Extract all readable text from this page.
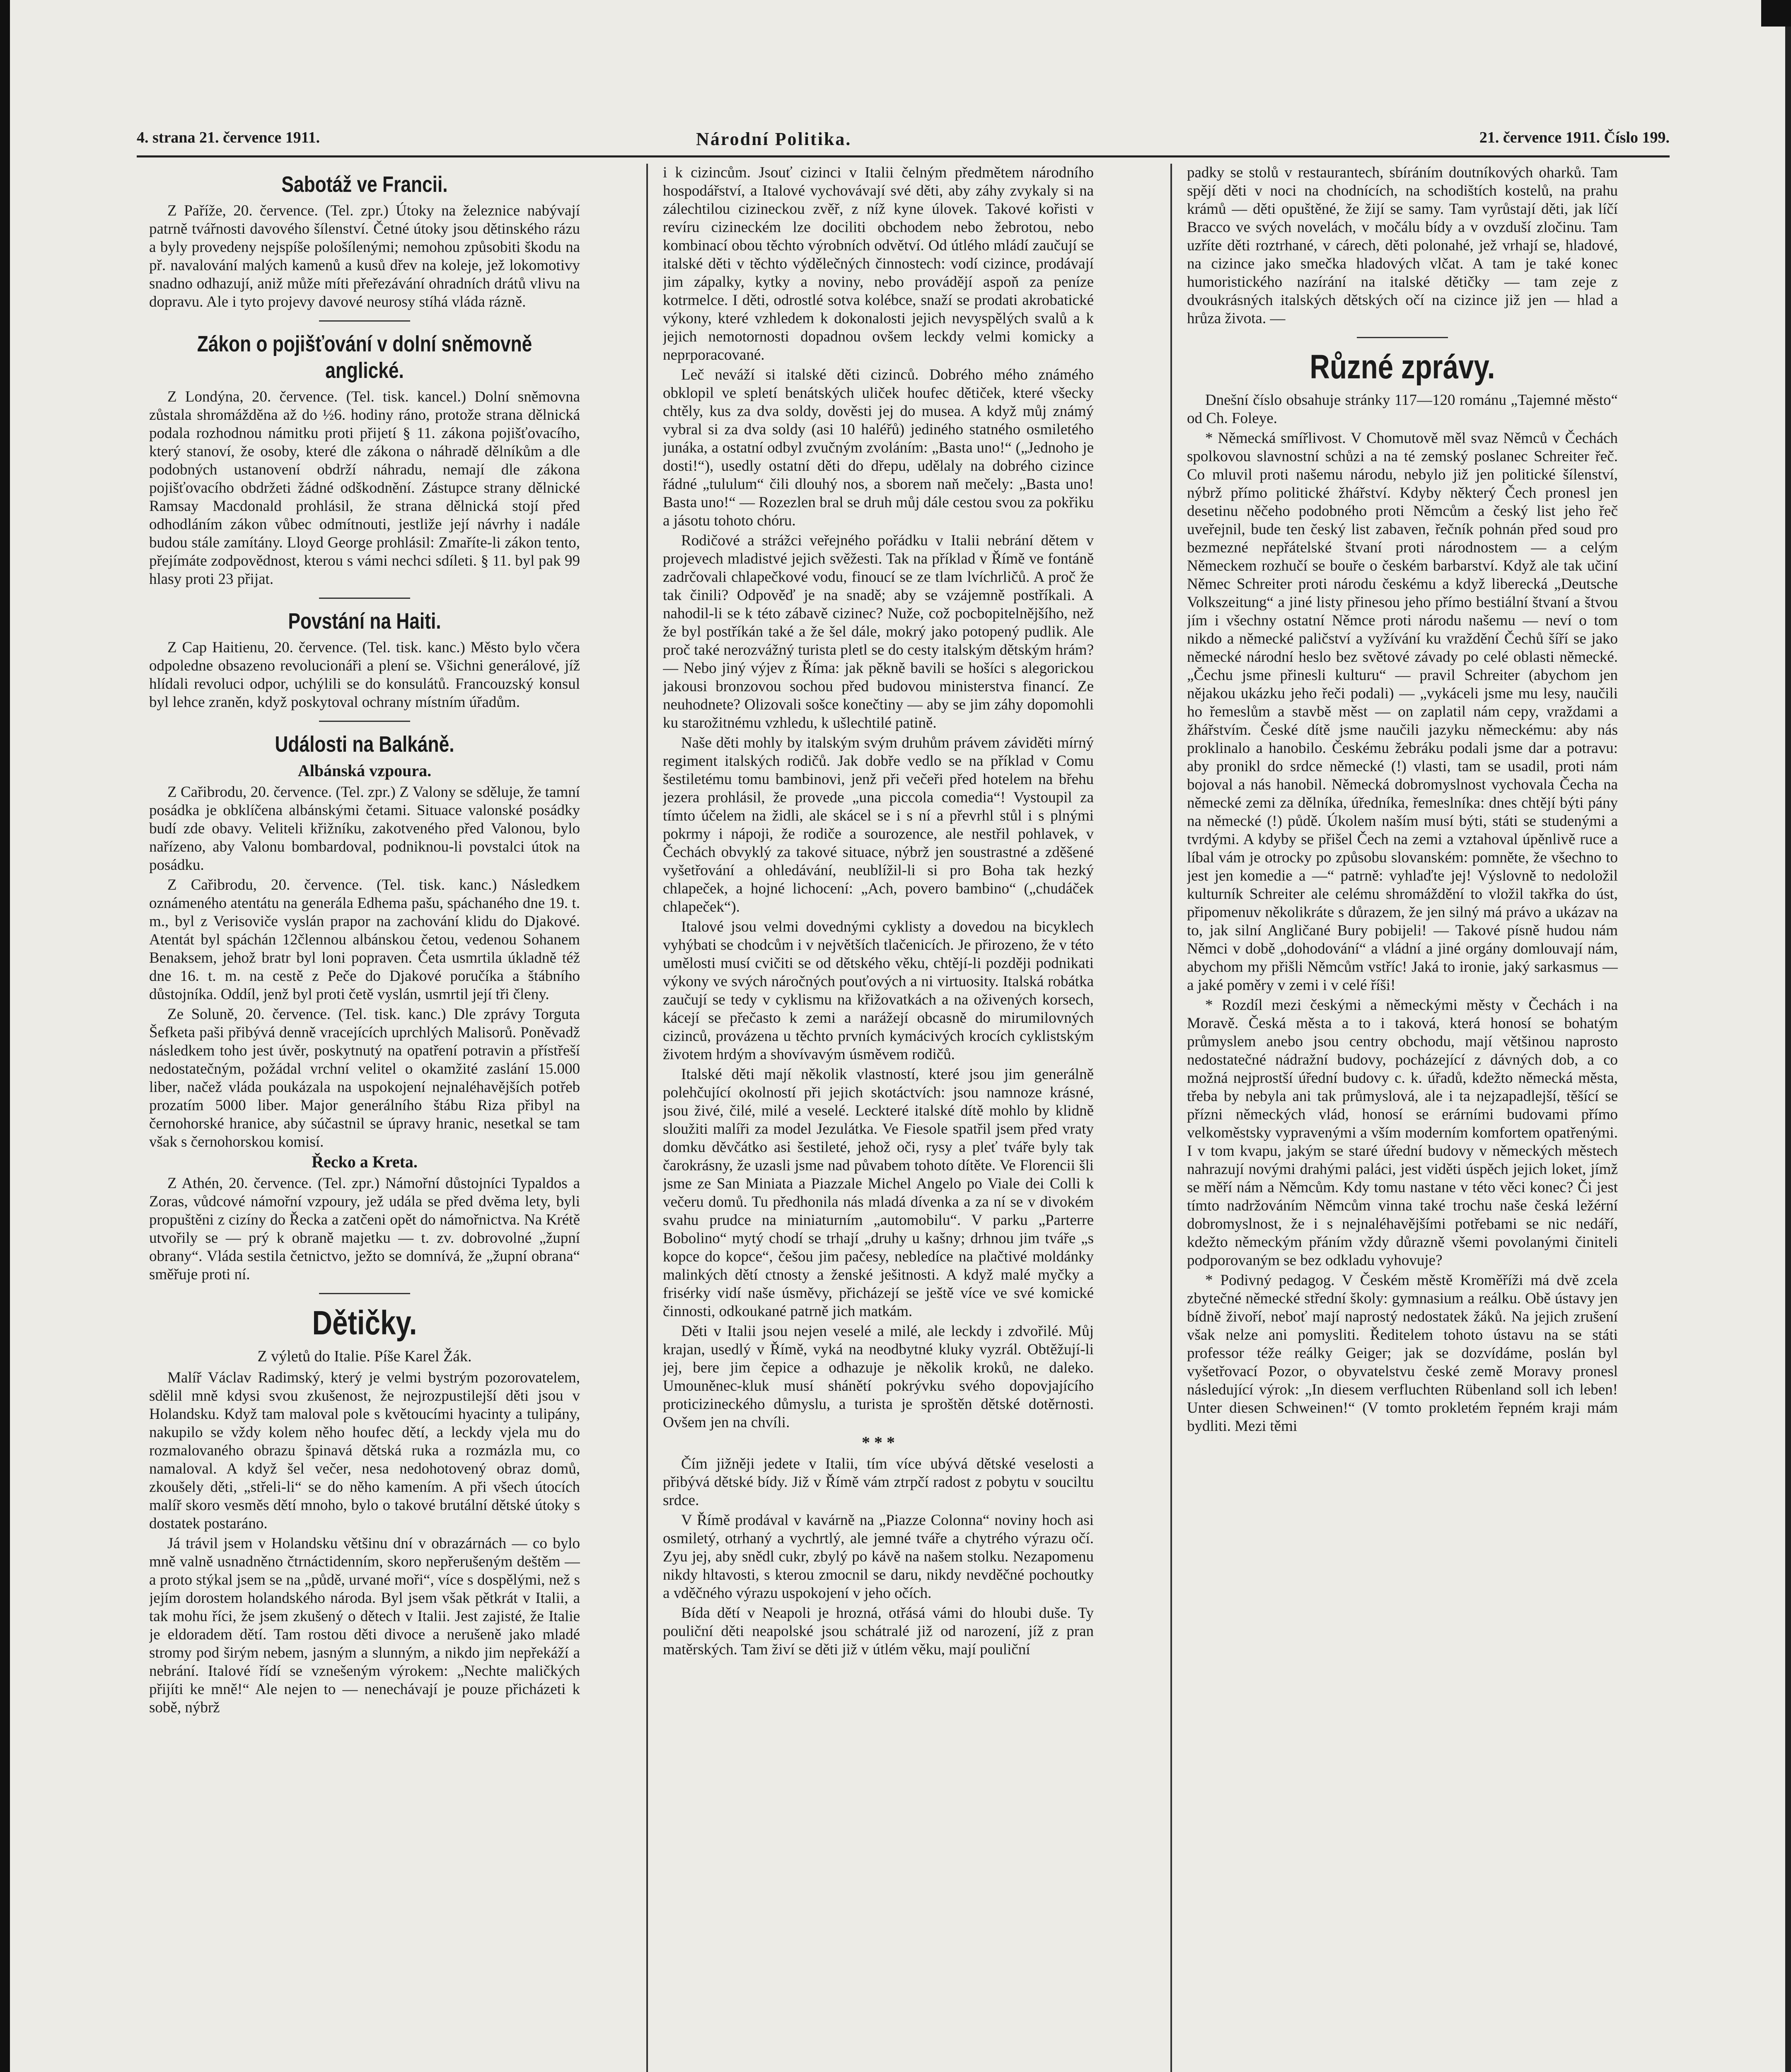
4. strana 21. července 1911.	Národní Politika.	21. července 1911. Číslo 199.
Sabotáž ve Francii.

Z Paříže, 20. července. (Tel. zpr.) Útoky na železnice nabývají patrně tvářnosti davového šílenství. Četné útoky jsou dětinského rázu a byly provedeny nejspíše pološílenými; nemohou způsobiti škodu na př. navalování malých kamenů a kusů dřev na koleje, jež lokomotivy snadno odhazují, aniž může míti přeřezávání ohradních drátů vlivu na dopravu. Ale i tyto projevy davové neurosy stíhá vláda rázně.

Zákon o pojišťování v dolní sněmovně anglické.

Z Londýna, 20. července. (Tel. tisk. kancel.) Dolní sněmovna zůstala shromážděna až do ½6. hodiny ráno, protože strana dělnická podala rozhodnou námitku proti přijetí § 11. zákona pojišťovacího, který stanoví, že osoby, které dle zákona o náhradě dělníkům a dle podobných ustanovení obdrží náhradu, nemají dle zákona pojišťovacího obdržeti žádné odškodnění. Zástupce strany dělnické Ramsay Macdonald prohlásil, že strana dělnická stojí před odhodláním zákon vůbec odmítnouti, jestliže její návrhy i nadále budou stále zamítány. Lloyd George prohlásil: Zmaříte-li zákon tento, přejímáte zodpovědnost, kterou s vámi nechci sdíleti. § 11. byl pak 99 hlasy proti 23 přijat.

Povstání na Haiti.

Z Cap Haitienu, 20. července. (Tel. tisk. kanc.) Město bylo včera odpoledne obsazeno revolucionáři a plení se. Všichni generálové, jíž hlídali revoluci odpor, uchýlili se do konsulátů. Francouzský konsul byl lehce zraněn, když poskytoval ochrany místním úřadům.

Události na Balkáně.
Albánská vzpoura.

Z Cařibrodu, 20. července. (Tel. zpr.) Z Valony se sděluje, že tamní posádka je obklíčena albánskými četami. Situace valonské posádky budí zde obavy. Veliteli křižníku, zakotveného před Valonou, bylo nařízeno, aby Valonu bombardoval, podniknou-li povstalci útok na posádku.

Z Cařibrodu, 20. července. (Tel. tisk. kanc.) Následkem oznámeného atentátu na generála Edhema pašu, spáchaného dne 19. t. m., byl z Verisoviče vyslán prapor na zachování klidu do Djakové. Atentát byl spáchán 12člennou albánskou četou, vedenou Sohanem Benaksem, jehož bratr byl loni popraven. Četa usmrtila úkladně též dne 16. t. m. na cestě z Peče do Djakové poručíka a štábního důstojníka. Oddíl, jenž byl proti četě vyslán, usmrtil její tři členy.

Ze Soluně, 20. července. (Tel. tisk. kanc.) Dle zprávy Torguta Šefketa paši přibývá denně vracejících uprchlých Malisorů. Poněvadž následkem toho jest úvěr, poskytnutý na opatření potravin a přístřeší nedostatečným, požádal vrchní velitel o okamžité zaslání 15.000 liber, načež vláda poukázala na uspokojení nejnaléhavějších potřeb prozatím 5000 liber. Major generálního štábu Riza přibyl na černohorské hranice, aby súčastnil se úpravy hranic, nesetkal se tam však s černohorskou komisí.

Řecko a Kreta.

Z Athén, 20. července. (Tel. zpr.) Námořní důstojníci Typaldos a Zoras, vůdcové námořní vzpoury, jež udála se před dvěma lety, byli propuštěni z cizíny do Řecka a zatčeni opět do námořnictva. Na Krétě utvořily se — prý k obraně majetku — t. zv. dobrovolné „župní obrany“. Vláda sestila četnictvo, ježto se domnívá, že „župní obrana“ směřuje proti ní.

Dětičky.
Z výletů do Italie. Píše Karel Žák.

Malíř Václav Radimský, který je velmi bystrým pozorovatelem, sdělil mně kdysi svou zkušenost, že nejrozpustilejší děti jsou v Holandsku. Když tam maloval pole s květoucími hyacinty a tulipány, nakupilo se vždy kolem něho houfec dětí, a leckdy vjela mu do rozmalovaného obrazu špinavá dětská ruka a rozmázla mu, co namaloval. A když šel večer, nesa nedohotovený obraz domů, zkoušely děti, „střeli-li“ se do něho kamením. A při všech útocích malíř skoro vesměs dětí mnoho, bylo o takové brutální dětské útoky s dostatek postaráno.

Já trávil jsem v Holandsku většinu dní v obrazárnách — co bylo mně valně usnadněno čtrnáctidenním, skoro nepřerušeným deštěm — a proto stýkal jsem se na „půdě, urvané moři“, více s dospělými, než s jejím dorostem holandského národa. Byl jsem však pětkrát v Italii, a tak mohu říci, že jsem zkušený o dětech v Italii. Jest zajisté, že Italie je eldoradem dětí. Tam rostou děti divoce a nerušeně jako mladé stromy pod širým nebem, jasným a slunným, a nikdo jim nepřekáží a nebrání. Italové řídí se vznešeným výrokem: „Nechte maličkých přijíti ke mně!“ Ale nejen to — nenechávají je pouze přicházeti k sobě, nýbrž

i k cizincům. Jsouť cizinci v Italii čelným předmětem národního hospodářství, a Italové vychovávají své děti, aby záhy zvykaly si na zálechtilou cizineckou zvěř, z níž kyne úlovek. Takové kořisti v revíru cizineckém lze dociliti obchodem nebo žebrotou, nebo kombinací obou těchto výrobních odvětví. Od útlého mládí zaučují se italské děti v těchto výdělečných činnostech: vodí cizince, prodávají jim zápalky, kytky a noviny, nebo provádějí aspoň za peníze kotrmelce. I děti, odrostlé sotva kolébce, snaží se prodati akrobatické výkony, které vzhledem k dokonalosti jejich nevyspělých svalů a k jejich nemotornosti dopadnou ovšem leckdy velmi komicky a neprporacované.

Leč neváží si italské děti cizinců. Dobrého mého známého obklopil ve spletí benátských uliček houfec dětiček, které všecky chtěly, kus za dva soldy, dověsti jej do musea. A když můj známý vybral si za dva soldy (asi 10 haléřů) jediného statného osmiletého junáka, a ostatní odbyl zvučným zvoláním: „Basta uno!“ („Jednoho je dosti!“), usedly ostatní děti do dřepu, udělaly na dobrého cizince řádné „tululum“ čili dlouhý nos, a sborem naň mečely: „Basta uno! Basta uno!“ — Rozezlen bral se druh můj dále cestou svou za pokřiku a jásotu tohoto chóru.

Rodičové a strážci veřejného pořádku v Italii nebrání dětem v projevech mladistvé jejich svěžesti. Tak na příklad v Římě ve fontáně zadrčovali chlapečkové vodu, finoucí se ze tlam lvíchrličů. A proč že tak činili? Odpověď je na snadě; aby se vzájemně postříkali. A nahodil-li se k této zábavě cizinec? Nuže, což pocbopitelnějšího, než že byl postříkán také a že šel dále, mokrý jako potopený pudlik. Ale proč také nerozvážný turista pletl se do cesty italským dětským hrám? — Nebo jiný výjev z Říma: jak pěkně bavili se hošíci s alegorickou jakousi bronzovou sochou před budovou ministerstva financí. Ze neuhodnete? Olizovali sošce konečtiny — aby se jim záhy dopomohli ku starožitnému vzhledu, k ušlechtilé patině.

Naše děti mohly by italským svým druhům právem záviděti mírný regiment italských rodičů. Jak dobře vedlo se na příklad v Comu šestiletému tomu bambinovi, jenž při večeři před hotelem na břehu jezera prohlásil, že provede „una piccola comedia“! Vystoupil za tímto účelem na židli, ale skácel se i s ní a převrhl stůl i s plnými pokrmy i nápoji, že rodiče a sourozence, ale nestřil pohlavek, v Čechách obvyklý za takové situace, nýbrž jen soustrastné a zděšené vyšetřování a ohledávání, neublížil-li si pro Boha tak hezký chlapeček, a hojné lichocení: „Ach, povero bambino“ („chudáček chlapeček“).

Italové jsou velmi dovednými cyklisty a dovedou na bicyklech vyhýbati se chodcům i v největších tlačenicích. Je přirozeno, že v této umělosti musí cvičiti se od dětského věku, chtějí-li později podnikati výkony ve svých náročných pouťových a ni virtuosity. Italská robátka zaučují se tedy v cyklismu na křižovatkách a na oživených korsech, kácejí se přečasto k zemi a narážejí obcasně do mirumilovných cizinců, provázena u těchto prvních kymácivých krocích cyklistským životem hrdým a shovívavým úsměvem rodičů.

Italské děti mají několik vlastností, které jsou jim generálně polehčující okolností při jejich skotáctvích: jsou namnoze krásné, jsou živé, čilé, milé a veselé. Leckteré italské dítě mohlo by klidně sloužiti malíři za model Jezulátka. Ve Fiesole spatřil jsem před vraty domku děvčátko asi šestileté, jehož oči, rysy a pleť tváře byly tak čarokrásny, že uzasli jsme nad půvabem tohoto dítěte. Ve Florencii šli jsme ze San Miniata a Piazzale Michel Angelo po Viale dei Colli k večeru domů. Tu předhonila nás mladá dívenka a za ní se v divokém svahu prudce na miniaturním „automobilu“. V parku „Parterre Bobolino“ mytý chodí se trhají „druhy u kašny; drhnou jim tváře „s kopce do kopce“, češou jim pačesy, nebledíce na plačtivé moldánky malinkých dětí ctnosty a ženské ješitnosti. A když malé myčky a frisérky vidí naše úsměvy, přicházejí se ještě více ve své komické činnosti, odkoukané patrně jich matkám.

Děti v Italii jsou nejen veselé a milé, ale leckdy i zdvořilé. Můj krajan, usedlý v Římě, vyká na neodbytné kluky vyzrál. Obtěžují-li jej, bere jim čepice a odhazuje je několik kroků, ne daleko. Umouněnec-kluk musí shánětí pokrývku svého dopovjajícího proticizineckého důmyslu, a turista je sproštěn dětské dotěrnosti. Ovšem jen na chvíli.

* * *

Čím jižněji jedete v Italii, tím více ubývá dětské veselosti a přibývá dětské bídy. Již v Římě vám ztrpčí radost z pobytu v souciltu srdce.

V Římě prodával v kavárně na „Piazze Colonna“ noviny hoch asi osmiletý, otrhaný a vychrtlý, ale jemné tváře a chytrého výrazu očí. Zyu jej, aby snědl cukr, zbylý po kávě na našem stolku. Nezapomenu nikdy hltavosti, s kterou zmocnil se daru, nikdy nevděčné pochoutky a vděčného výrazu uspokojení v jeho očích.

Bída dětí v Neapoli je hrozná, otřásá vámi do hloubi duše. Ty pouliční děti neapolské jsou schátralé již od narození, jíž z pran matěrských. Tam živí se děti již v útlém věku, mají pouliční

padky se stolů v restaurantech, sbíráním doutníkových oharků. Tam spějí děti v noci na chodnících, na schodištích kostelů, na prahu krámů — děti opuštěné, že žijí se samy. Tam vyrůstají děti, jak líčí Bracco ve svých novelách, v močálu bídy a v ovzduší zločinu. Tam uzříte děti roztrhané, v cárech, děti polonahé, jež vrhají se, hladové, na cizince jako smečka hladových vlčat. A tam je také konec humoristického nazírání na italské dětičky — tam zeje z dvoukrásných italských dětských očí na cizince již jen — hlad a hrůza života. —

Různé zprávy.

Dnešní číslo obsahuje stránky 117—120 románu „Tajemné město“ od Ch. Foleye.

* Německá smířlivost. V Chomutově měl svaz Němců v Čechách spolkovou slavnostní schůzi a na té zemský poslanec Schreiter řeč. Co mluvil proti našemu národu, nebylo již jen politické šílenství, nýbrž přímo politické žhářství. Kdyby některý Čech pronesl jen desetinu něčeho podobného proti Němcům a český list jeho řeč uveřejnil, bude ten český list zabaven, řečník pohnán před soud pro bezmezné nepřátelské štvaní proti národnostem — a celým Německem rozhučí se bouře o českém barbarství. Když ale tak učiní Němec Schreiter proti národu českému a když liberecká „Deutsche Volkszeitung“ a jiné listy přinesou jeho přímo bestiální štvaní a štvou jím i všechny ostatní Němce proti národu našemu — neví o tom nikdo a německé paličství a vyžívání ku vraždění Čechů šíří se jako německé národní heslo bez světové závady po celé oblasti německé. „Čechu jsme přinesli kulturu“ — pravil Schreiter (abychom jen nějakou ukázku jeho řeči podali) — „vykáceli jsme mu lesy, naučili ho řemeslům a stavbě měst — on zaplatil nám cepy, vraždami a žhářstvím. České dítě jsme naučili jazyku německému: aby nás proklinalo a hanobilo. Českému žebráku podali jsme dar a potravu: aby pronikl do srdce německé (!) vlasti, tam se usadil, proti nám bojoval a nás hanobil. Německá dobromyslnost vychovala Čecha na německé zemi za dělníka, úředníka, řemeslníka: dnes chtějí býti pány na německé (!) půdě. Úkolem naším musí býti, státi se studenými a tvrdými. A kdyby se přišel Čech na zemi a vztahoval úpěnlivě ruce a líbal vám je otrocky po způsobu slovanském: pomněte, že všechno to jest jen komedie a —“ patrně: vyhlaďte jej! Výslovně to nedoložil kulturník Schreiter ale celému shromáždění to vložil takřka do úst, připomenuv několikráte s důrazem, že jen silný má právo a ukázav na to, jak silní Angličané Bury pobijeli! — Takové písně hudou nám Němci v době „dohodování“ a vládní a jiné orgány domlouvají nám, abychom my přišli Němcům vstříc! Jaká to ironie, jaký sarkasmus — a jaké poměry v zemi i v celé říši!

* Rozdíl mezi českými a německými městy v Čechách i na Moravě. Česká města a to i taková, která honosí se bohatým průmyslem anebo jsou centry obchodu, mají většinou naprosto nedostatečné nádražní budovy, pocházející z dávných dob, a co možná nejprostší úřední budovy c. k. úřadů, kdežto německá města, třeba by nebyla ani tak průmyslová, ale i ta nejzapadlejší, těšící se přízni německých vlád, honosí se erárními budovami přímo velkoměstsky vypravenými a vším moderním komfortem opatřenými. I v tom kvapu, jakým se staré úřední budovy v německých městech nahrazují novými drahými paláci, jest viděti úspěch jejich loket, jímž se měří nám a Němcům. Kdy tomu nastane v této věci konec? Či jest tímto nadržováním Němcům vinna také trochu naše česká ležérní dobromyslnost, že i s nejnaléhavějšími potřebami se nic nedáří, kdežto německým přáním vždy důrazně všemi povolanými činiteli podporovaným se bez odkladu vyhovuje?

* Podivný pedagog. V Českém městě Kroměříži má dvě zcela zbytečné německé střední školy: gymnasium a reálku. Obě ústavy jen bídně živoří, neboť mají naprostý nedostatek žáků. Na jejich zrušení však nelze ani pomysliti. Ředitelem tohoto ústavu na se státi professor téže reálky Geiger; jak se dozvídáme, poslán byl vyšetřovací Pozor, o obyvatelstvu české země Moravy pronesl následující výrok: „In diesem verfluchten Rübenland soll ich leben! Unter diesen Schweinen!“ (V tomto prokletém řepném kraji mám bydliti. Mezi těmi
